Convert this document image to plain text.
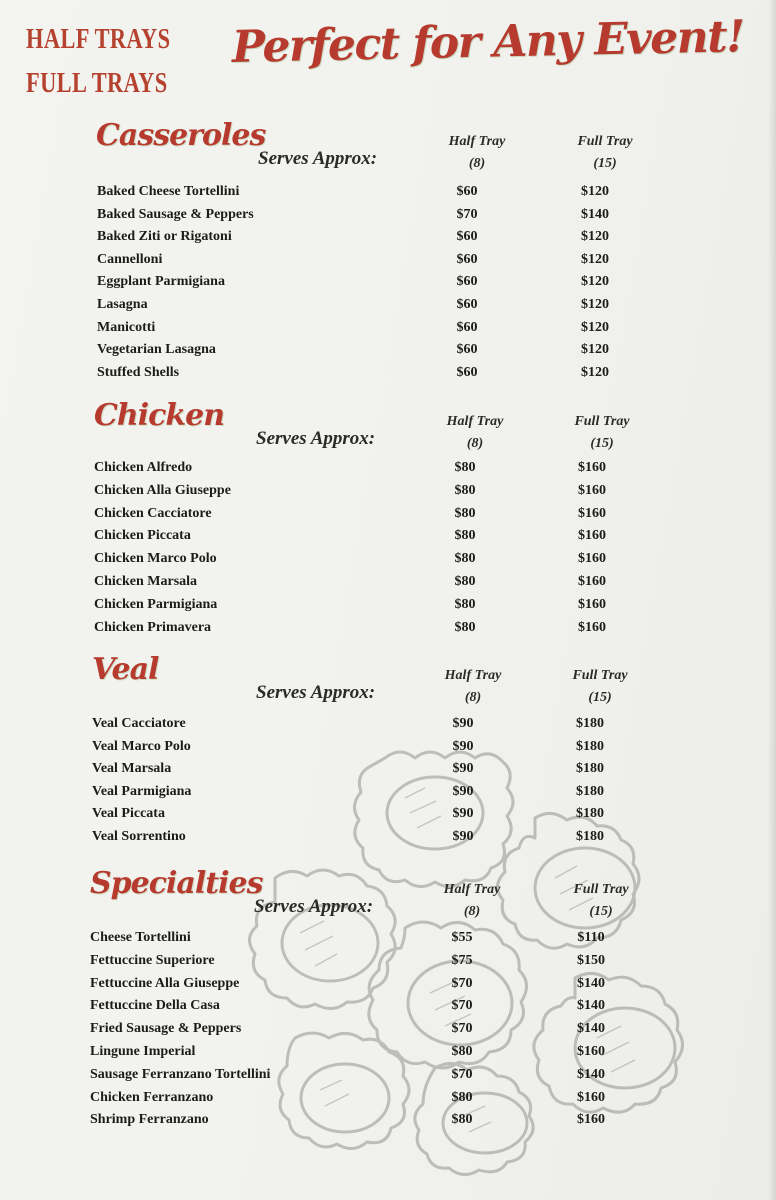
HALF TRAYS
FULL TRAYS
Perfect for Any Event!
Casseroles
Serves Approx:
Half Tray
(8)
Full Tray
(15)
Baked Cheese Tortellini	$60	$120
Baked Sausage & Peppers	$70	$140
Baked Ziti or Rigatoni	$60	$120
Cannelloni	$60	$120
Eggplant Parmigiana	$60	$120
Lasagna	$60	$120
Manicotti	$60	$120
Vegetarian Lasagna	$60	$120
Stuffed Shells	$60	$120
Chicken
Serves Approx:
Half Tray
(8)
Full Tray
(15)
Chicken Alfredo	$80	$160
Chicken Alla Giuseppe	$80	$160
Chicken Cacciatore	$80	$160
Chicken Piccata	$80	$160
Chicken Marco Polo	$80	$160
Chicken Marsala	$80	$160
Chicken Parmigiana	$80	$160
Chicken Primavera	$80	$160
Veal
Serves Approx:
Half Tray
(8)
Full Tray
(15)
Veal Cacciatore	$90	$180
Veal Marco Polo	$90	$180
Veal Marsala	$90	$180
Veal Parmigiana	$90	$180
Veal Piccata	$90	$180
Veal Sorrentino	$90	$180
Specialties
Serves Approx:
Half Tray
(8)
Full Tray
(15)
Cheese Tortellini	$55	$110
Fettuccine Superiore	$75	$150
Fettuccine Alla Giuseppe	$70	$140
Fettuccine Della Casa	$70	$140
Fried Sausage & Peppers	$70	$140
Lingune Imperial	$80	$160
Sausage Ferranzano Tortellini	$70	$140
Chicken Ferranzano	$80	$160
Shrimp Ferranzano	$80	$160
